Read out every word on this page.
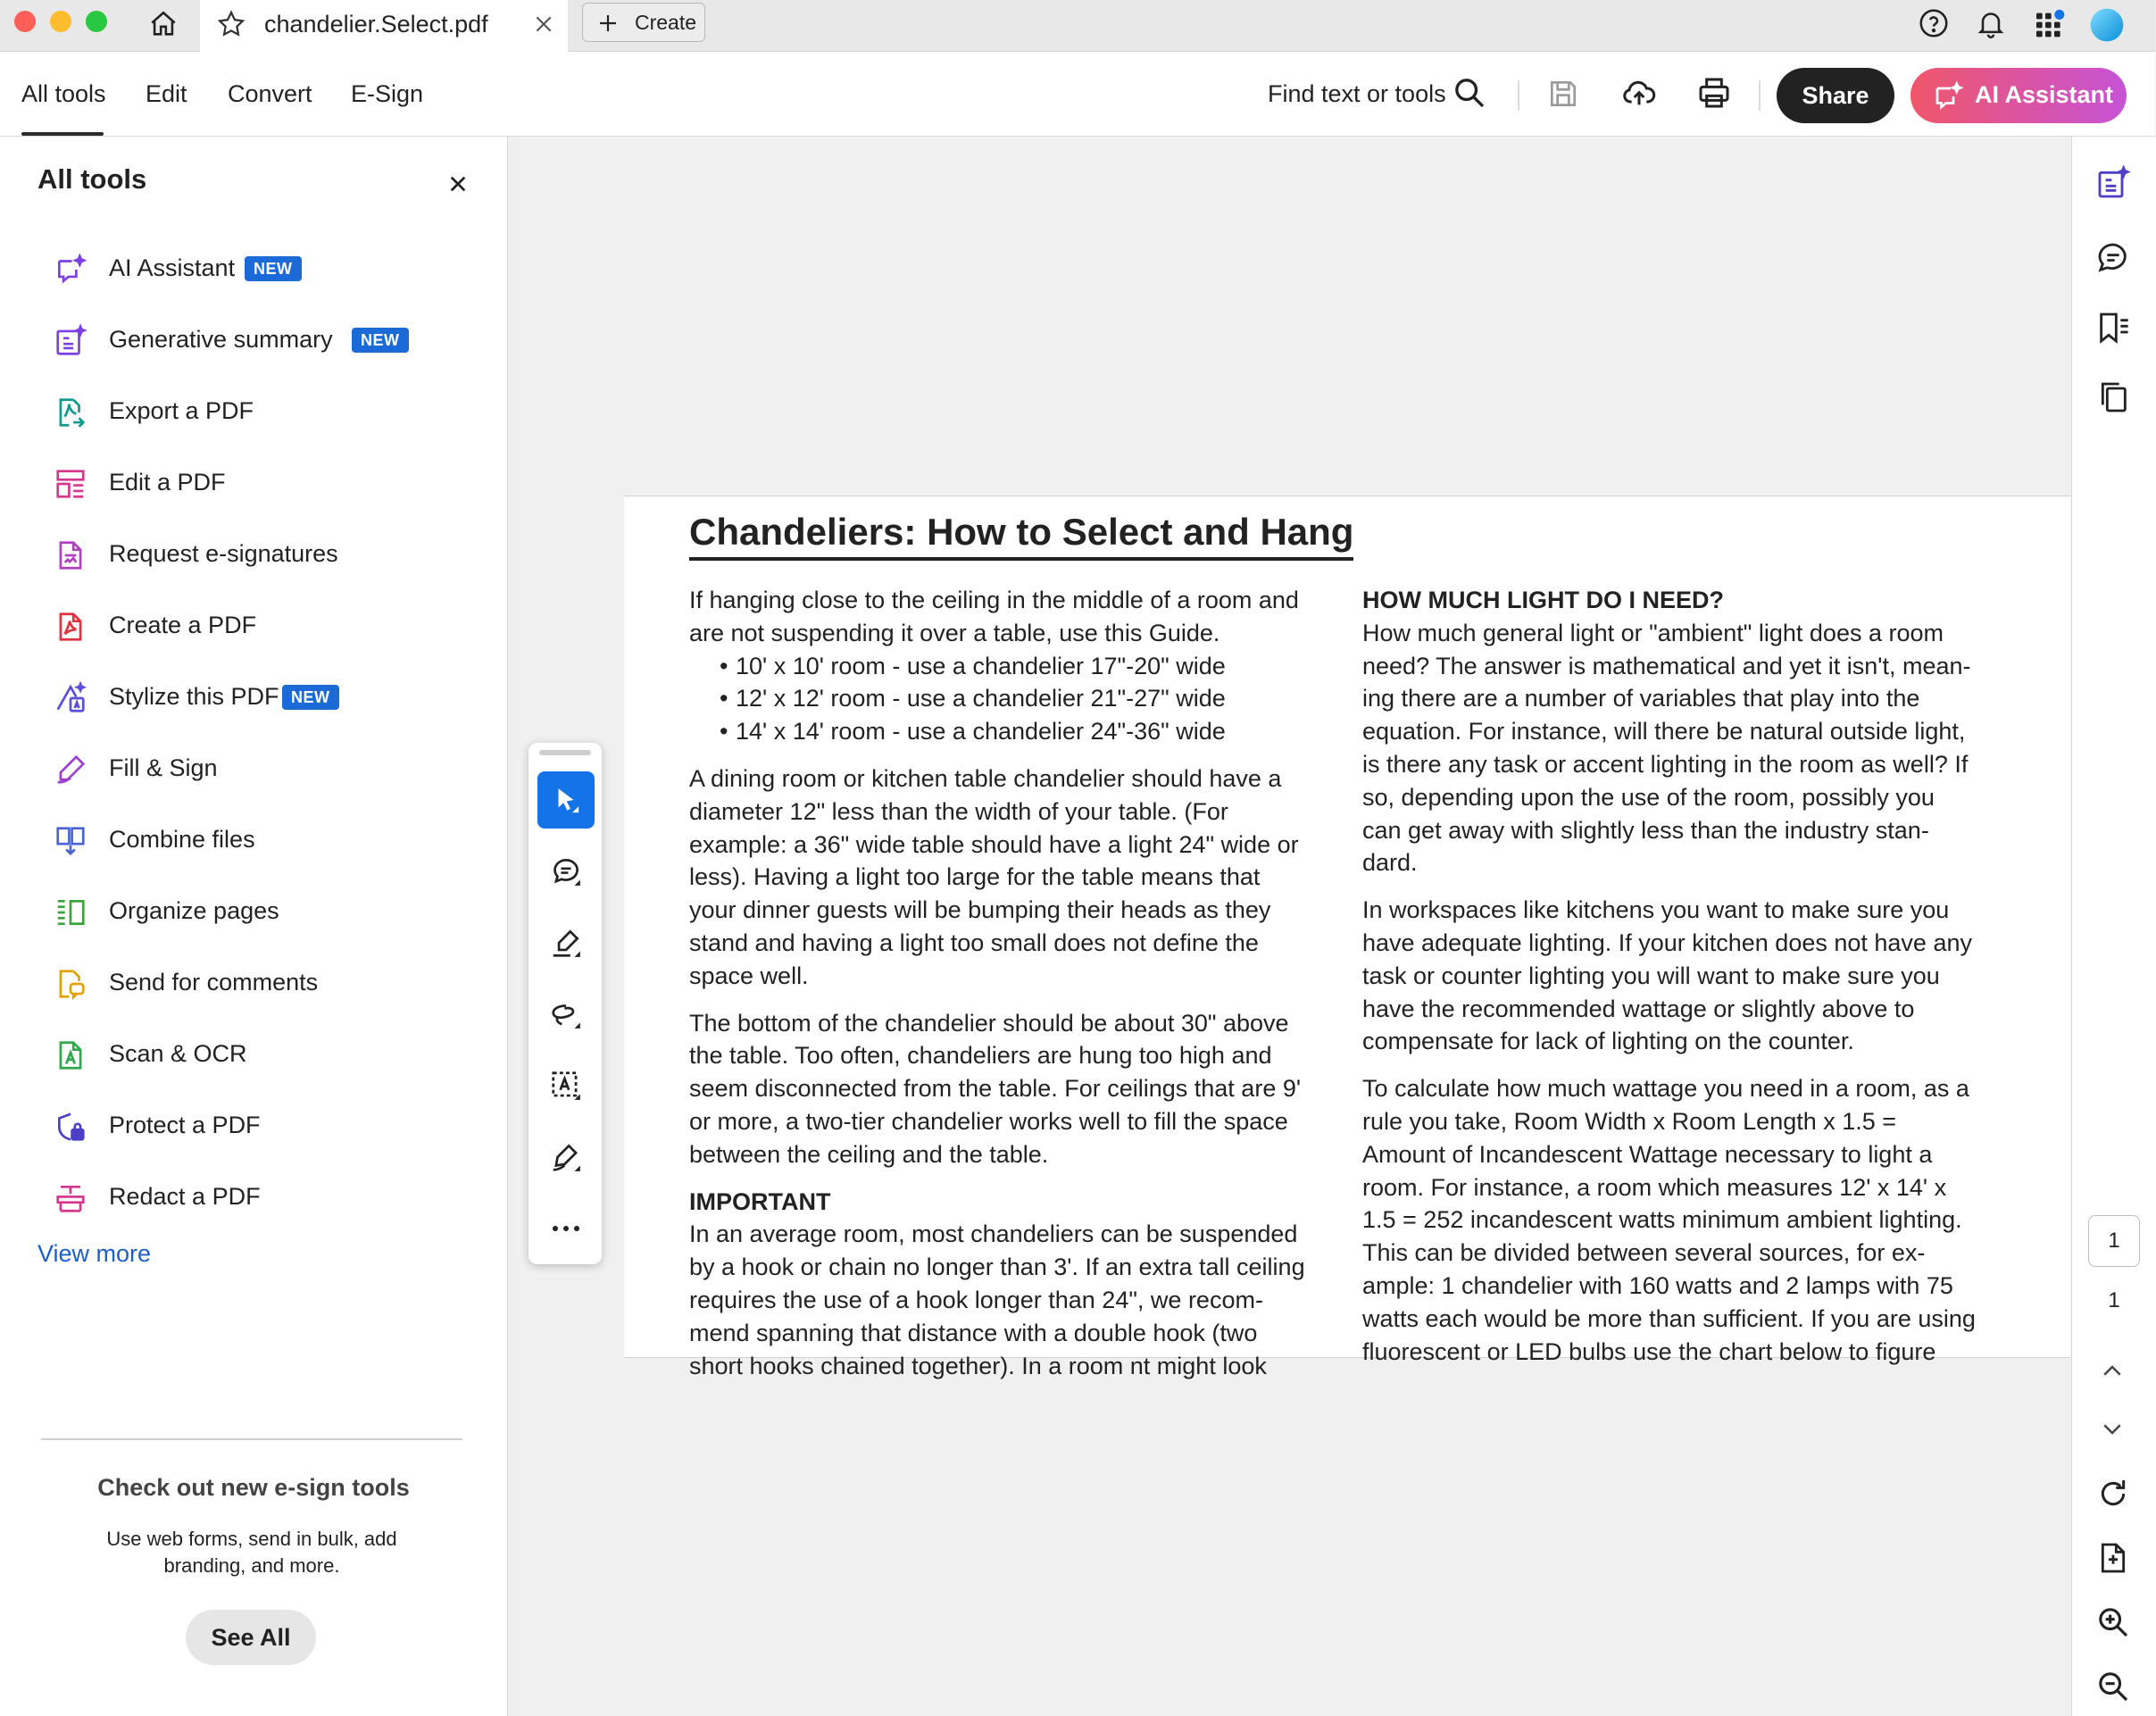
chandelier.Select.pdf	Create
All tools Edit Convert E-Sign	Find text or tools	Share	AI Assistant
All tools
AI Assistant	NEW
Generative summary	NEW
Export a PDF
Edit a PDF
Request e-signatures
Create a PDF
Stylize this PDF NEW
Fill & Sign
Combine files
Organize pages
Send for comments
Scan & OCR
Protect a PDF
Redact a PDF
View more
Check out new e-sign tools
Use web forms, send in bulk, add branding, and more.
See All
Chandeliers: How to Select and Hang

If hanging close to the ceiling in the middle of a room and are not suspending it over a table, use this Guide.

• 10' x 10' room - use a chandelier 17"-20" wide
• 12' x 12' room - use a chandelier 21"-27" wide
• 14' x 14' room - use a chandelier 24"-36" wide

A dining room or kitchen table chandelier should have a diameter 12" less than the width of your table. (For example: a 36" wide table should have a light 24" wide or less). Having a light too large for the table means that your dinner guests will be bumping their heads as they stand and having a light too small does not define the space well.

The bottom of the chandelier should be about 30" above the table. Too often, chandeliers are hung too high and seem disconnected from the table. For ceilings that are 9' or more, a two-tier chandelier works well to fill the space between the ceiling and the table.

IMPORTANT

In an average room, most chandeliers can be suspended by a hook or chain no longer than 3'. If an extra tall ceiling requires the use of a hook longer than 24", we recom-mend spanning that distance with a double hook (two short hooks chained together). In a room nt might look

HOW MUCH LIGHT DO I NEED?

How much general light or "ambient" light does a room need? The answer is mathematical and yet it isn't, mean-ing there are a number of variables that play into the equation. For instance, will there be natural outside light, is there any task or accent lighting in the room as well? If so, depending upon the use of the room, possibly you can get away with slightly less than the industry stan-dard.

In workspaces like kitchens you want to make sure you have adequate lighting. If your kitchen does not have any task or counter lighting you will want to make sure you have the recommended wattage or slightly above to compensate for lack of lighting on the counter.

To calculate how much wattage you need in a room, as a rule you take, Room Width x Room Length x 1.5 = Amount of Incandescent Wattage necessary to light a room. For instance, a room which measures 12' x 14' x 1.5 = 252 incandescent watts minimum ambient lighting. This can be divided between several sources, for ex-ample: 1 chandelier with 160 watts and 2 lamps with 75 watts each would be more than sufficient. If you are using fluorescent or LED bulbs use the chart below to figure

1
1
